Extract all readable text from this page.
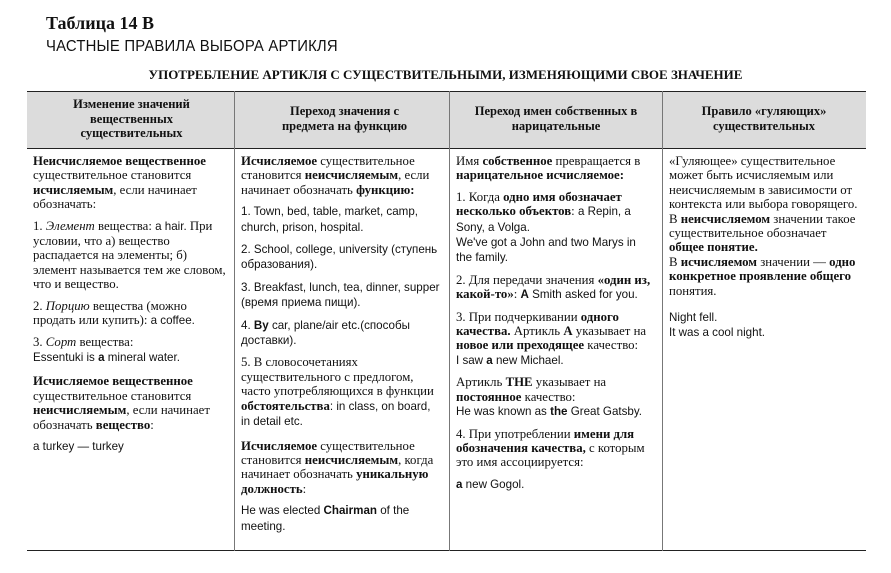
Таблица 14 В
ЧАСТНЫЕ ПРАВИЛА ВЫБОРА АРТИКЛЯ
УПОТРЕБЛЕНИЕ АРТИКЛЯ С СУЩЕСТВИТЕЛЬНЫМИ, ИЗМЕНЯЮЩИМИ СВОЕ ЗНАЧЕНИЕ
Изменение значений вещественных существительных
Переход значения с предмета на функцию
Переход имен собственных в нарицательные
Правило «гуляющих» существительных

Неисчисляемое вещественное существительное становится исчисляемым, если начинает обозначать:

1. Элемент вещества: a hair. При условии, что а) вещество распадается на элементы; б) элемент называется тем же словом, что и вещество.

2. Порцию вещества (можно продать или купить): a coffee.

3. Сорт вещества:
Essentuki is a mineral water.

Исчисляемое вещественное существительное становится неисчисляемым, если начинает обозначать вещество:

a turkey — turkey

Исчисляемое существительное становится неисчисляемым, если начинает обозначать функцию:

1. Town, bed, table, market, camp, church, prison, hospital.

2. School, college, university (ступень образования).

3. Breakfast, lunch, tea, dinner, supper (время приема пищи).

4. By car, plane/air etc.(способы доставки).

5. В словосочетаниях существительного с предлогом, часто употребляющихся в функции обстоятельства: in class, on board, in detail etc.

Исчисляемое существительное становится неисчисляемым, когда начинает обозначать уникальную должность:

He was elected Chairman of the meeting.

Имя собственное превращается в нарицательное исчисляемое:

1. Когда одно имя обозначает несколько объектов: a Repin, a Sony, a Volga.
We've got a John and two Marys in the family.

2. Для передачи значения «один из, какой-то»: A Smith asked for you.

3. При подчеркивании одного качества. Артикль A указывает на новое или преходящее качество:
I saw a new Michael.

Артикль THE указывает на постоянное качество:
He was known as the Great Gatsby.

4. При употреблении имени для обозначения качества, с которым это имя ассоциируется:

a new Gogol.

«Гуляющее» существительное может быть исчисляемым или неисчисляемым в зависимости от контекста или выбора говорящего.
В неисчисляемом значении такое существительное обозначает общее понятие.
В исчисляемом значении — одно конкретное проявление общего понятия.

Night fell.
It was a cool night.
